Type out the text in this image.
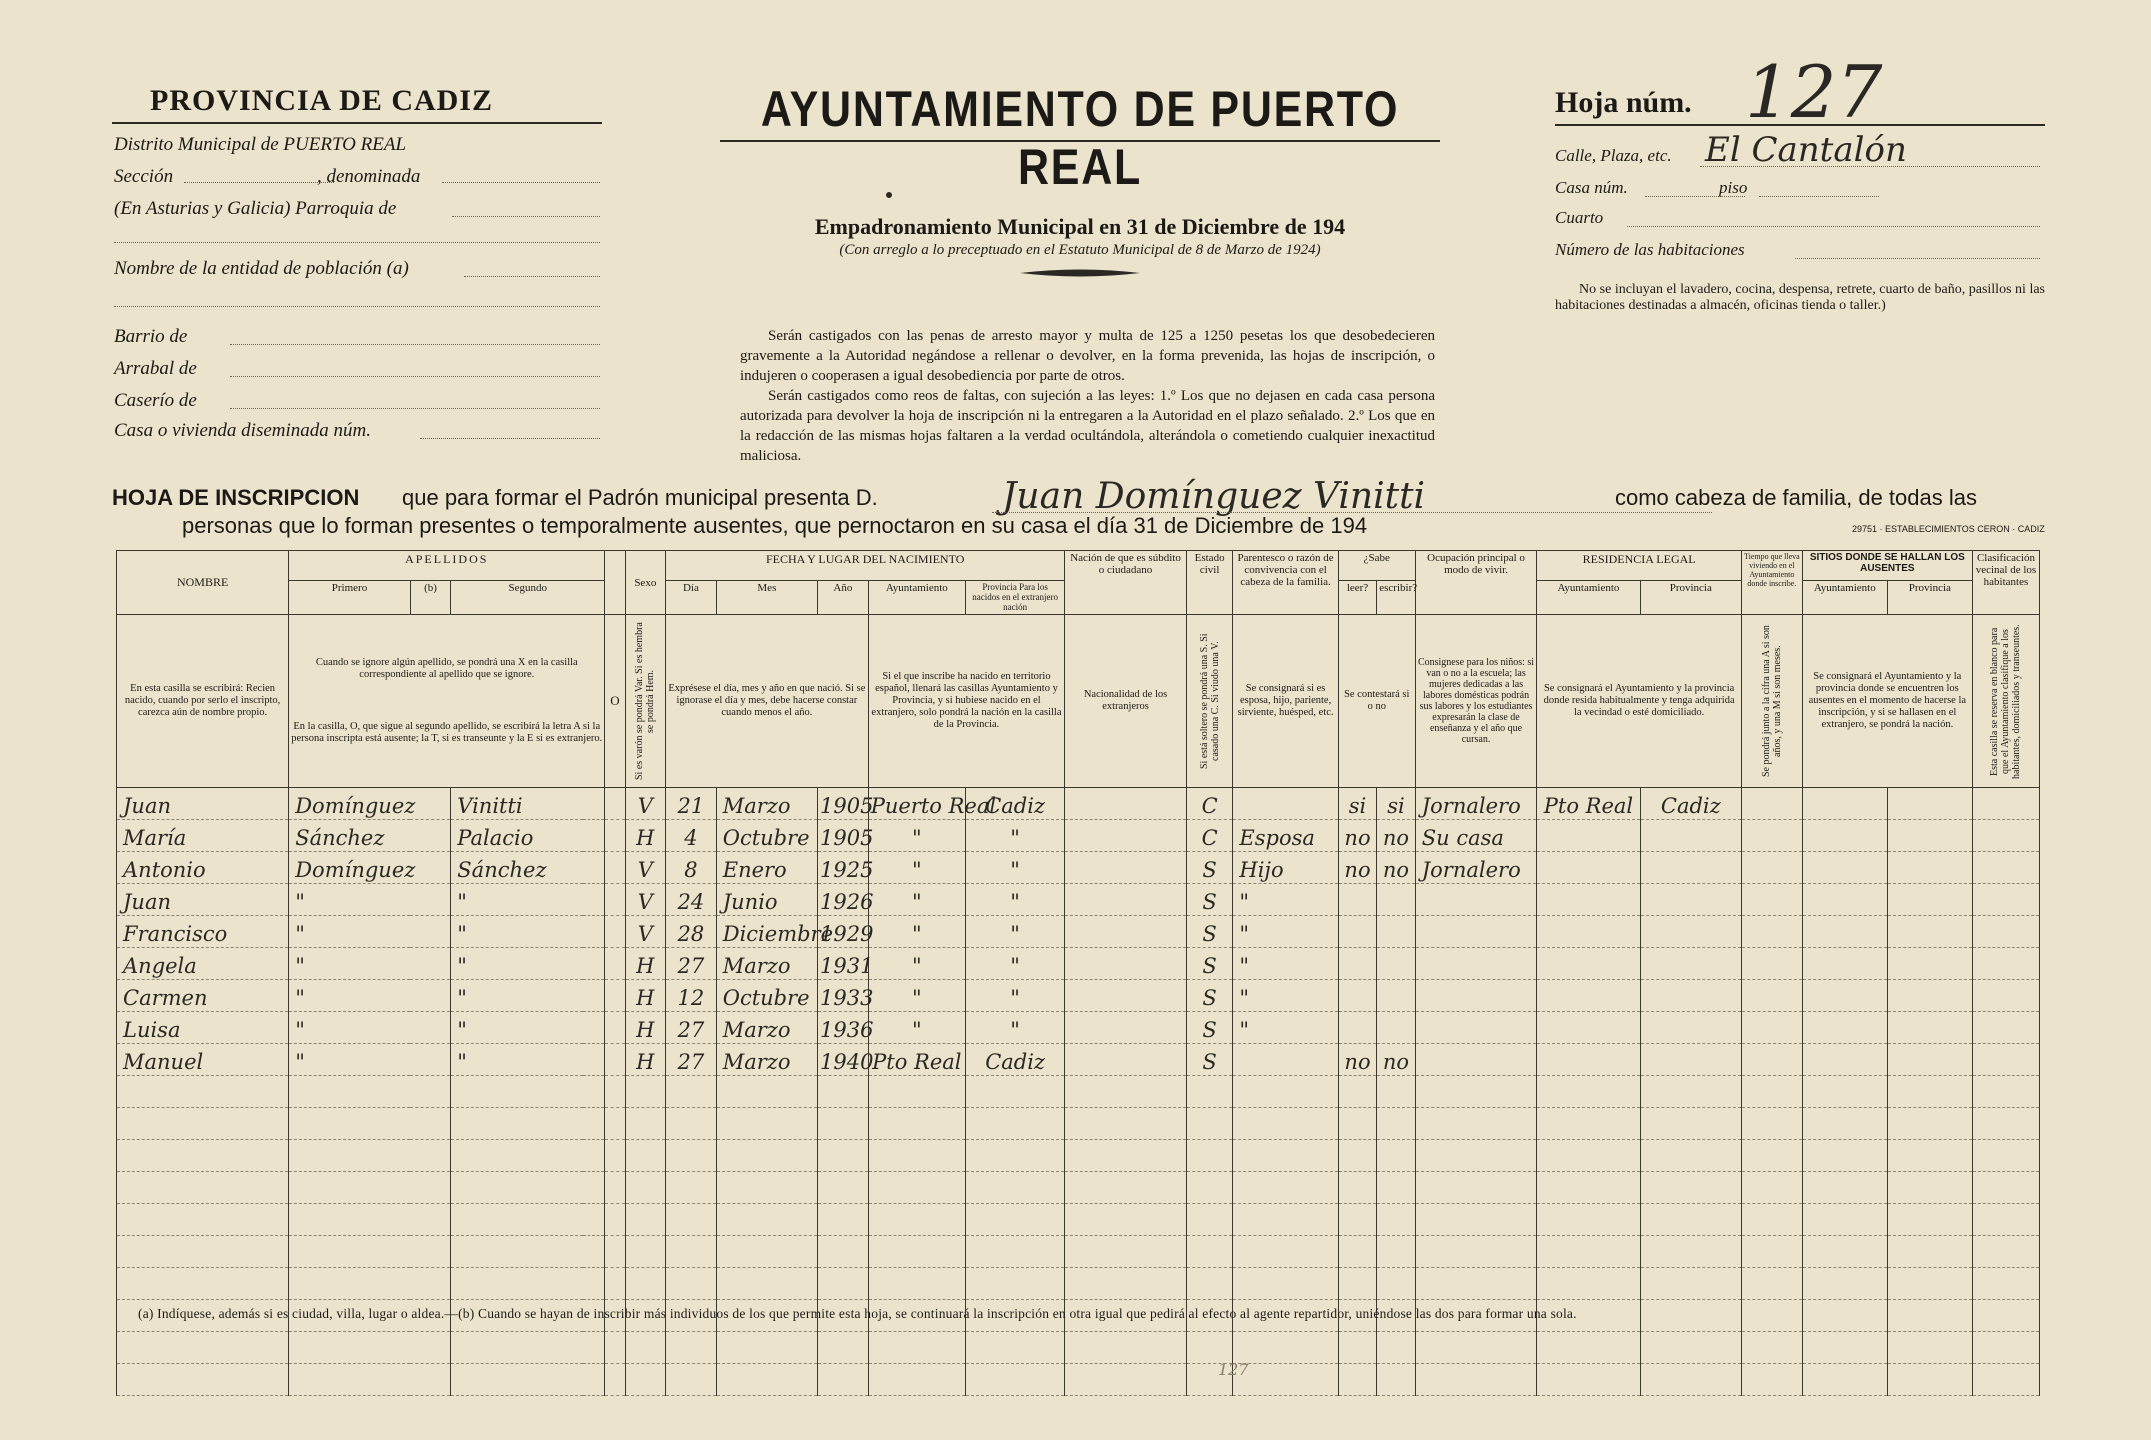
PROVINCIA DE CADIZ
Distrito Municipal de PUERTO REAL
Sección	, denominada
(En Asturias y Galicia) Parroquia de
Nombre de la entidad de población (a)
Barrio de
Arrabal de
Caserío de
Casa o vivienda diseminada núm.
AYUNTAMIENTO DE PUERTO REAL
Empadronamiento Municipal en 31 de Diciembre de 194
(Con arreglo a lo preceptuado en el Estatuto Municipal de 8 de Marzo de 1924)
Serán castigados con las penas de arresto mayor y multa de 125 a 1250 pesetas los que desobedecieren gravemente a la Autoridad negándose a rellenar o devolver, en la forma prevenida, las hojas de inscripción, o indujeren o cooperasen a igual desobediencia por parte de otros.
Serán castigados como reos de faltas, con sujeción a las leyes: 1.º Los que no dejasen en cada casa persona autorizada para devolver la hoja de inscripción ni la entregaren a la Autoridad en el plazo señalado. 2.º Los que en la redacción de las mismas hojas faltaren a la verdad ocultándola, alterándola o cometiendo cualquier inexactitud maliciosa.
Hoja núm. 127
Calle, Plaza, etc. El Cantalón
Casa núm.	piso
Cuarto
Número de las habitaciones
No se incluyan el lavadero, cocina, despensa, retrete, cuarto de baño, pasillos ni las habitaciones destinadas a almacén, oficinas tienda o taller.)
HOJA DE INSCRIPCION que para formar el Padrón municipal presenta D.	Juan Domínguez Vinitti	como cabeza de familia, de todas las
personas que lo forman presentes o temporalmente ausentes, que pernoctaron en su casa el día 31 de Diciembre de 194	29751 · ESTABLECIMIENTOS CERON · CADIZ
NOMBRE	APELLIDOS				Sexo	FECHA Y LUGAR DEL NACIMIENTO					Nación de que es súbdito o ciudadano	Estado civil	Parentesco o razón de convivencia con el cabeza de la familia.	¿Sabe		Ocupación principal o modo de vivir.	RESIDENCIA LEGAL		Tiempo que lleva viviendo en el Ayuntamiento donde inscribe.	SITIOS DONDE SE HALLAN LOS AUSENTES		Clasificación vecinal de los habitantes
	Primero	(b)	Segundo			Día	Mes	Año	Ayuntamiento	Provincia Para los nacidos en el extranjero nación				leer?	escribir?		Ayuntamiento	Provincia		Ayuntamiento	Provincia	

En esta casilla se escribirá: Recien nacido, cuando por serlo el inscripto, carezca aún de nombre propio.	Cuando se ignore algún apellido, se pondrá una X en la casilla correspondiente al apellido que se ignore.
En la casilla, O, que sigue al segundo apellido, se escribirá la letra A si la persona inscripta está ausente; la T, si es transeunte y la E si es extranjero.			O	Si es varón se pondrá Var. Si es hembra se pondrá Hem.	Exprésese el día, mes y año en que nació. Si se ignorase el día y mes, debe hacerse constar cuando menos el año.			Si el que inscribe ha nacido en territorio español, llenará las casillas Ayuntamiento y Provincia, y si hubiese nacido en el extranjero, solo pondrá la nación en la casilla de la Provincia.		Nacionalidad de los extranjeros	Si está soltero se pondrá una S. Si casado una C. Si viudo una V.	Se consignará si es esposa, hijo, pariente, sirviente, huésped, etc.	Se contestará si o no		Consignese para los niños: si van o no a la escuela; las mujeres dedicadas a las labores domésticas podrán sus labores y los estudiantes expresarán la clase de enseñanza y el año que cursan.	Se consignará el Ayuntamiento y la provincia donde resida habitualmente y tenga adquirida la vecindad o esté domiciliado.		Se pondrá junto a la cifra una A si son años, y una M si son meses.	Se consignará el Ayuntamiento y la provincia donde se encuentren los ausentes en el momento de hacerse la inscripción, y si se hallasen en el extranjero, se pondrá la nación.		Esta casilla se reserva en blanco para que el Ayuntamiento clasifique a los habitantes, domiciliados y transeuntes.

Juan	Domínguez		Vinitti		V	21	Marzo	1905	Puerto Real	Cadiz		C		si	si	Jornalero	Pto Real	Cadiz				
María	Sánchez		Palacio		H	4	Octubre	1905	"	"		C	Esposa	no	no	Su casa						
Antonio	Domínguez		Sánchez		V	8	Enero	1925	"	"		S	Hijo	no	no	Jornalero						
Juan	"		"		V	24	Junio	1926	"	"		S	"									
Francisco	"		"		V	28	Diciembre	1929	"	"		S	"									
Angela	"		"		H	27	Marzo	1931	"	"		S	"									
Carmen	"		"		H	12	Octubre	1933	"	"		S	"									
Luisa	"		"		H	27	Marzo	1936	"	"		S	"									
Manuel	"		"		H	27	Marzo	1940	Pto Real	Cadiz		S		no	no							

(a) Indíquese, además si es ciudad, villa, lugar o aldea.—(b) Cuando se hayan de inscribir más individuos de los que permite esta hoja, se continuará la inscripción en otra igual que pedirá al efecto al agente repartidor, uniéndose las dos para formar una sola.
127
